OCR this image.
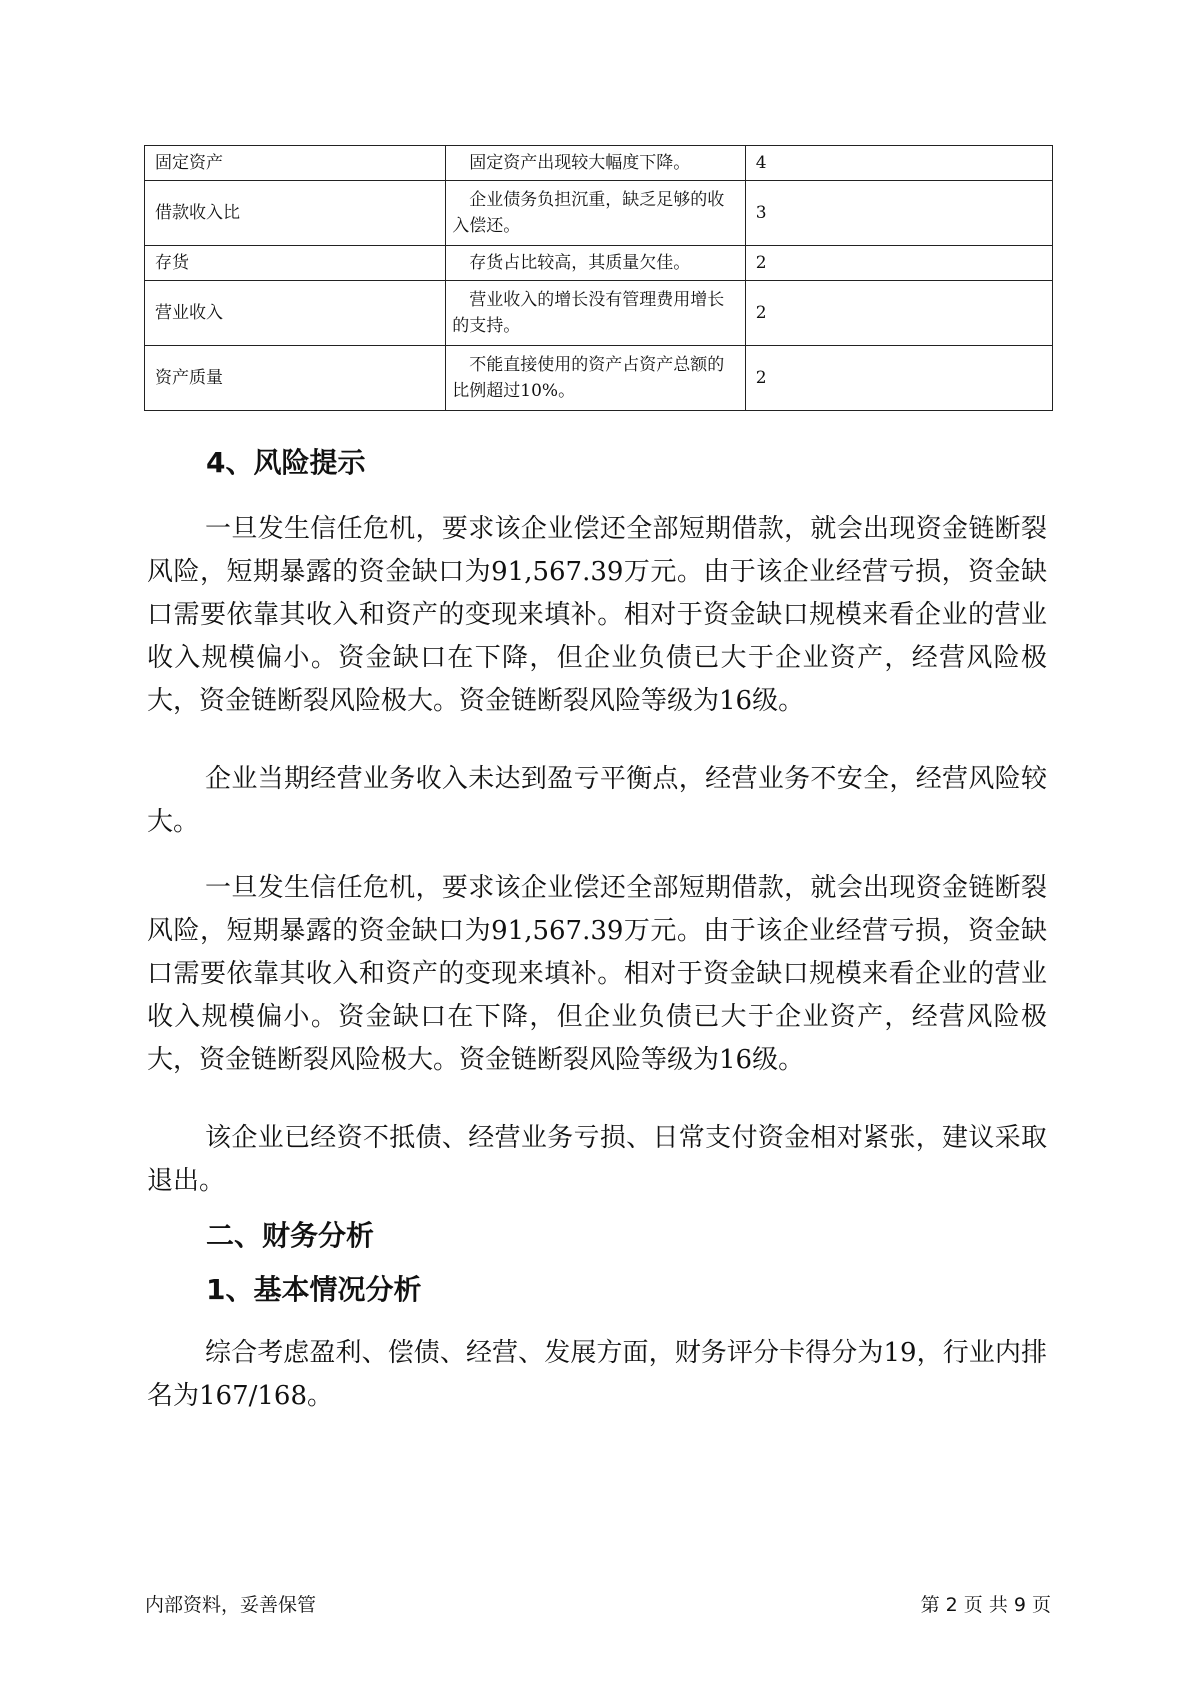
固定资产	固定资产出现较大幅度下降。	4
借款收入比	企业债务负担沉重，缺乏足够的收入偿还。	3
存货	存货占比较高，其质量欠佳。	2
营业收入	营业收入的增长没有管理费用增长的支持。	2
资产质量	不能直接使用的资产占资产总额的比例超过10%。	2
4、风险提示

一旦发生信任危机，要求该企业偿还全部短期借款，就会出现资金链断裂风险，短期暴露的资金缺口为91,567.39万元。由于该企业经营亏损，资金缺口需要依靠其收入和资产的变现来填补。相对于资金缺口规模来看企业的营业收入规模偏小。资金缺口在下降，但企业负债已大于企业资产，经营风险极大，资金链断裂风险极大。资金链断裂风险等级为16级。

企业当期经营业务收入未达到盈亏平衡点，经营业务不安全，经营风险较大。

一旦发生信任危机，要求该企业偿还全部短期借款，就会出现资金链断裂风险，短期暴露的资金缺口为91,567.39万元。由于该企业经营亏损，资金缺口需要依靠其收入和资产的变现来填补。相对于资金缺口规模来看企业的营业收入规模偏小。资金缺口在下降，但企业负债已大于企业资产，经营风险极大，资金链断裂风险极大。资金链断裂风险等级为16级。

该企业已经资不抵债、经营业务亏损、日常支付资金相对紧张，建议采取退出。

二、财务分析
1、基本情况分析

综合考虑盈利、偿债、经营、发展方面，财务评分卡得分为19，行业内排名为167/168。

内部资料，妥善保管	第 2 页 共 9 页
